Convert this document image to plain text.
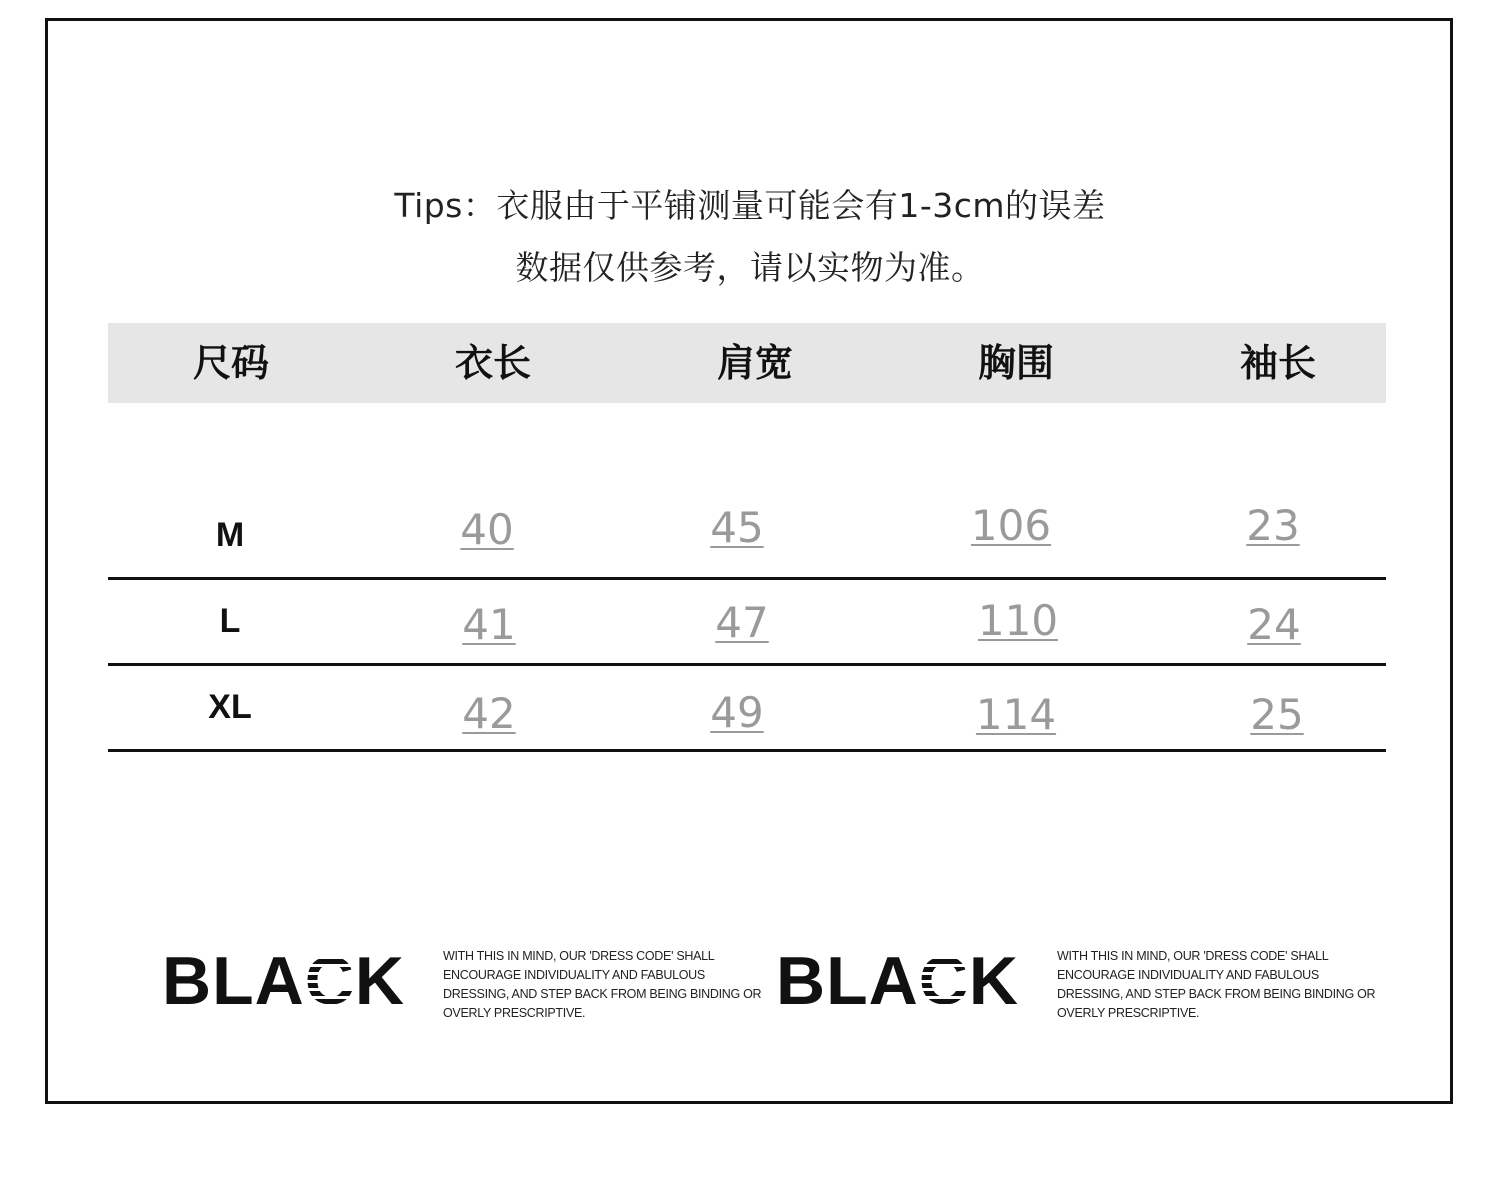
Tips：衣服由于平铺测量可能会有1-3cm的误差
数据仅供参考，请以实物为准。
尺码	衣长	肩宽	胸围	袖长
M	40	45	106	23
L	41	47	110	24
XL	42	49	114	25
BLACK	WITH THIS IN MIND, OUR 'DRESS CODE' SHALL ENCOURAGE INDIVIDUALITY AND FABULOUS DRESSING, AND STEP BACK FROM BEING BINDING OR OVERLY PRESCRIPTIVE.	BLACK	WITH THIS IN MIND, OUR 'DRESS CODE' SHALL ENCOURAGE INDIVIDUALITY AND FABULOUS DRESSING, AND STEP BACK FROM BEING BINDING OR OVERLY PRESCRIPTIVE.
